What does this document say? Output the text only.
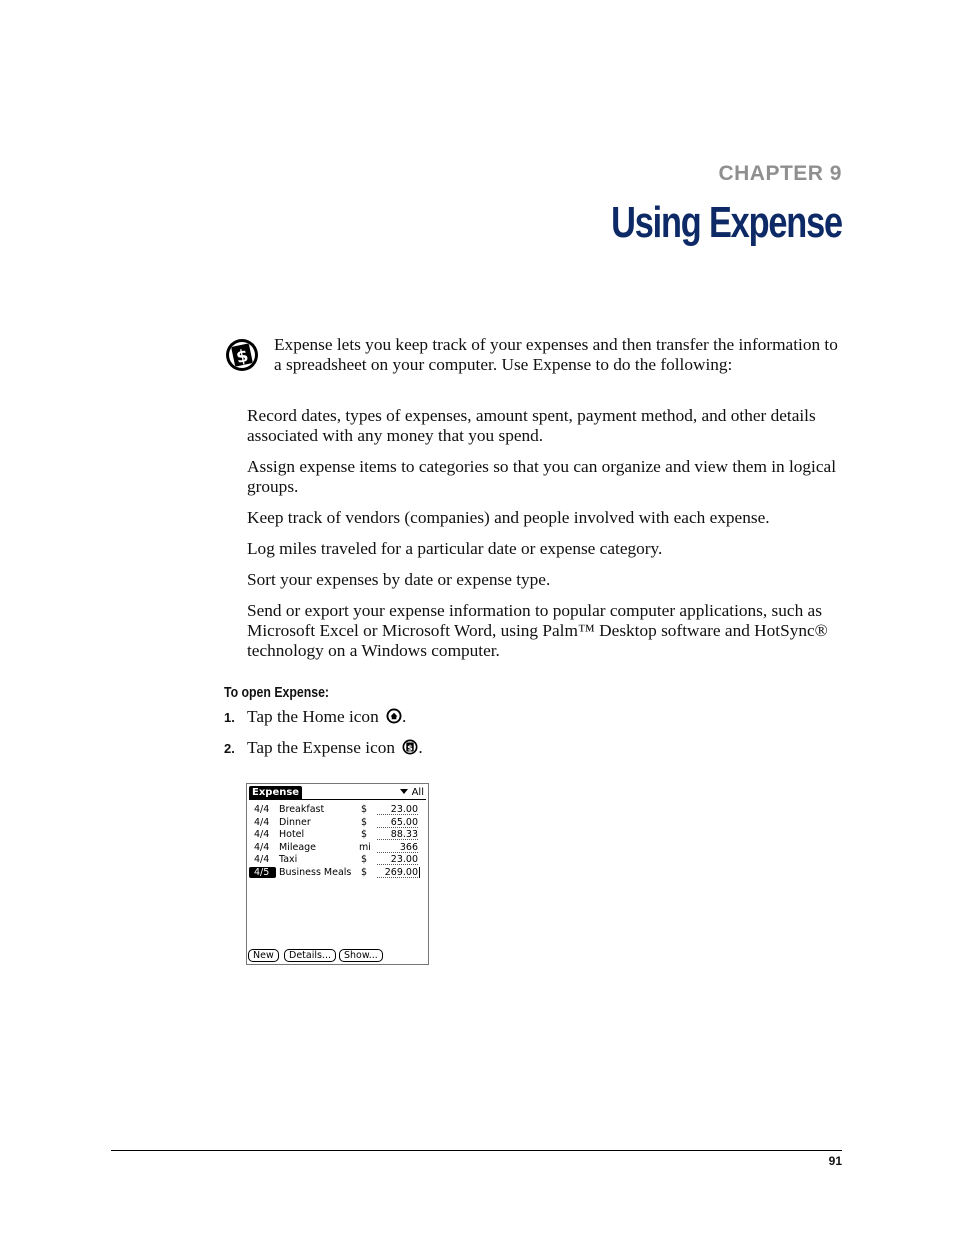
CHAPTER 9
Using Expense
$

Expense lets you keep track of your expenses and then transfer the information to a spreadsheet on your computer. Use Expense to do the following:

Record dates, types of expenses, amount spent, payment method, and other details associated with any money that you spend.

Assign expense items to categories so that you can organize and view them in logical groups.

Keep track of vendors (companies) and people involved with each expense.

Log miles traveled for a particular date or expense category.

Sort your expenses by date or expense type.

Send or export your expense information to popular computer applications, such as Microsoft Excel or Microsoft Word, using Palm™ Desktop software and HotSync® technology on a Windows computer.

To open Expense:
1. Tap the Home icon .
2. Tap the Expense icon $ .
Expense	All
4/4	Breakfast	$	23.00
4/4	Dinner	$	65.00
4/4	Hotel	$	88.33
4/4	Mileage	mi	366
4/4	Taxi	$	23.00
4/5	Business Meals $	269.00
New	Details...	Show...
91
